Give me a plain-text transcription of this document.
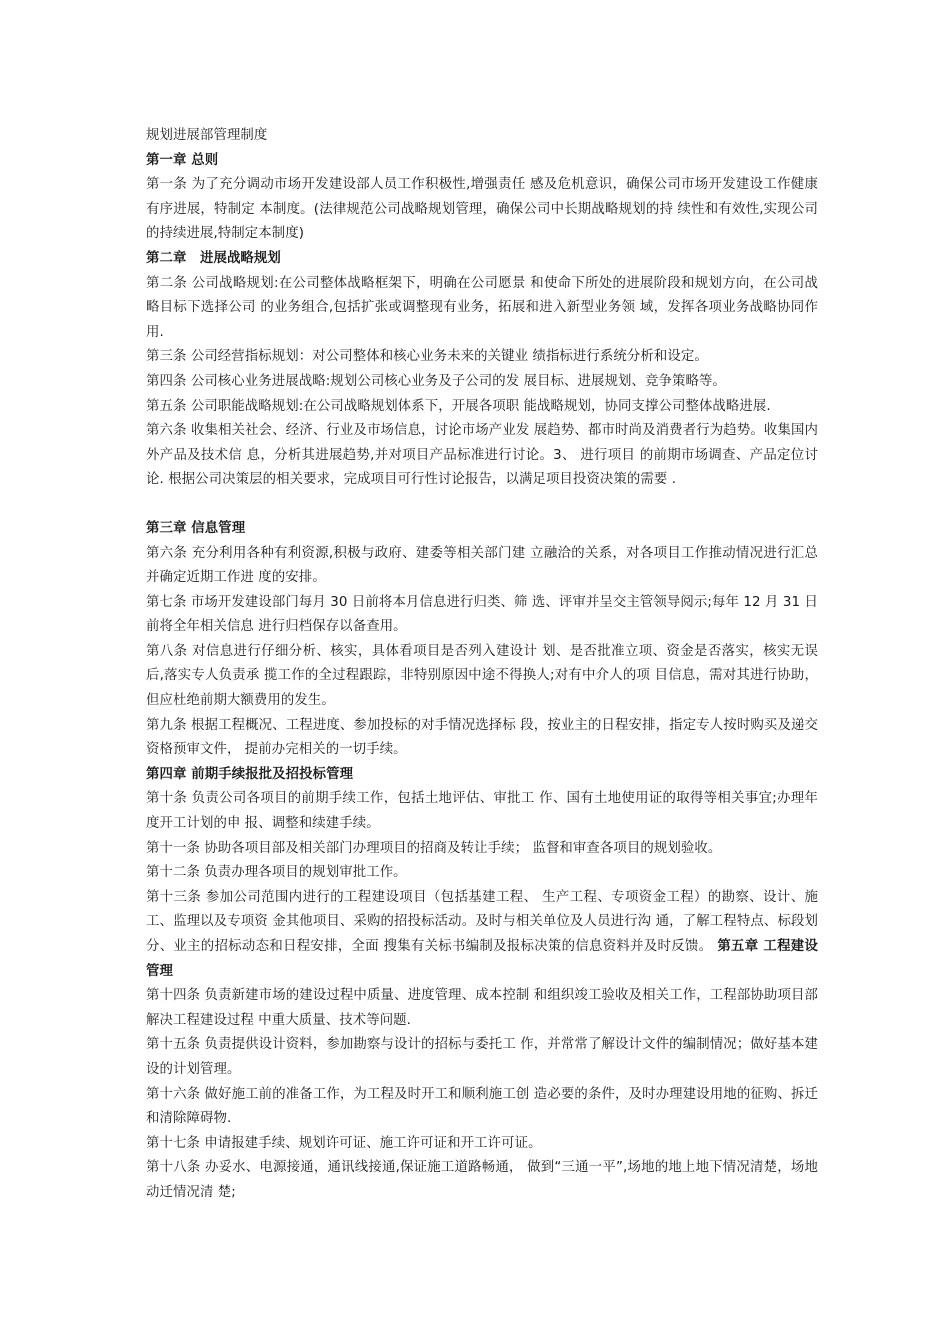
规划进展部管理制度

第一章 总则

第一条 为了充分调动市场开发建设部人员工作积极性,增强责任 感及危机意识，确保公司市场开发建设工作健康有序进展，特制定 本制度。(法律规范公司战略规划管理，确保公司中长期战略规划的持 续性和有效性,实现公司的持续进展,特制定本制度)

第二章　进展战略规划

第二条 公司战略规划:在公司整体战略框架下，明确在公司愿景 和使命下所处的进展阶段和规划方向，在公司战略目标下选择公司 的业务组合,包括扩张或调整现有业务，拓展和进入新型业务领 域，发挥各项业务战略协同作用.

第三条 公司经营指标规划：对公司整体和核心业务未来的关键业 绩指标进行系统分析和设定。

第四条 公司核心业务进展战略:规划公司核心业务及子公司的发 展目标、进展规划、竞争策略等。

第五条 公司职能战略规划:在公司战略规划体系下，开展各项职 能战略规划，协同支撑公司整体战略进展.

第六条 收集相关社会、经济、行业及市场信息，讨论市场产业发 展趋势、都市时尚及消费者行为趋势。收集国内外产品及技术信 息，分析其进展趋势,并对项目产品标准进行讨论。3、 进行项目 的前期市场调查、产品定位讨论. 根据公司决策层的相关要求，完成项目可行性讨论报告，以满足项目投资决策的需要 .

第三章 信息管理

第六条 充分利用各种有利资源,积极与政府、建委等相关部门建 立融洽的关系，对各项目工作推动情况进行汇总并确定近期工作进 度的安排。

第七条 市场开发建设部门每月 30 日前将本月信息进行归类、筛 选、评审并呈交主管领导阅示;每年 12 月 31 日前将全年相关信息 进行归档保存以备查用。

第八条 对信息进行仔细分析、核实，具体看项目是否列入建设计 划、是否批准立项、资金是否落实，核实无误后,落实专人负责承 揽工作的全过程跟踪，非特别原因中途不得换人;对有中介人的项 目信息，需对其进行协助，但应杜绝前期大额费用的发生。

第九条 根据工程概况、工程进度、参加投标的对手情况选择标 段，按业主的日程安排，指定专人按时购买及递交资格预审文件， 提前办完相关的一切手续。

第四章 前期手续报批及招投标管理

第十条 负责公司各项目的前期手续工作，包括土地评估、审批工 作、国有土地使用证的取得等相关事宜;办理年度开工计划的申 报、调整和续建手续。

第十一条 协助各项目部及相关部门办理项目的招商及转让手续； 监督和审查各项目的规划验收。

第十二条 负责办理各项目的规划审批工作。

第十三条 参加公司范围内进行的工程建设项目（包括基建工程、 生产工程、专项资金工程）的勘察、设计、施工、监理以及专项资 金其他项目、采购的招投标活动。及时与相关单位及人员进行沟 通，了解工程特点、标段划分、业主的招标动态和日程安排，全面 搜集有关标书编制及报标决策的信息资料并及时反馈。 第五章 工程建设管理

第十四条 负责新建市场的建设过程中质量、进度管理、成本控制 和组织竣工验收及相关工作，工程部协助项目部解决工程建设过程 中重大质量、技术等问题.

第十五条 负责提供设计资料，参加勘察与设计的招标与委托工 作，并常常了解设计文件的编制情况；做好基本建设的计划管理。

第十六条 做好施工前的准备工作，为工程及时开工和顺利施工创 造必要的条件，及时办理建设用地的征购、拆迁和清除障碍物.

第十七条 申请报建手续、规划许可证、施工许可证和开工许可证。

第十八条 办妥水、电源接通，通讯线接通,保证施工道路畅通， 做到“三通一平”,场地的地上地下情况清楚，场地动迁情况清 楚;
